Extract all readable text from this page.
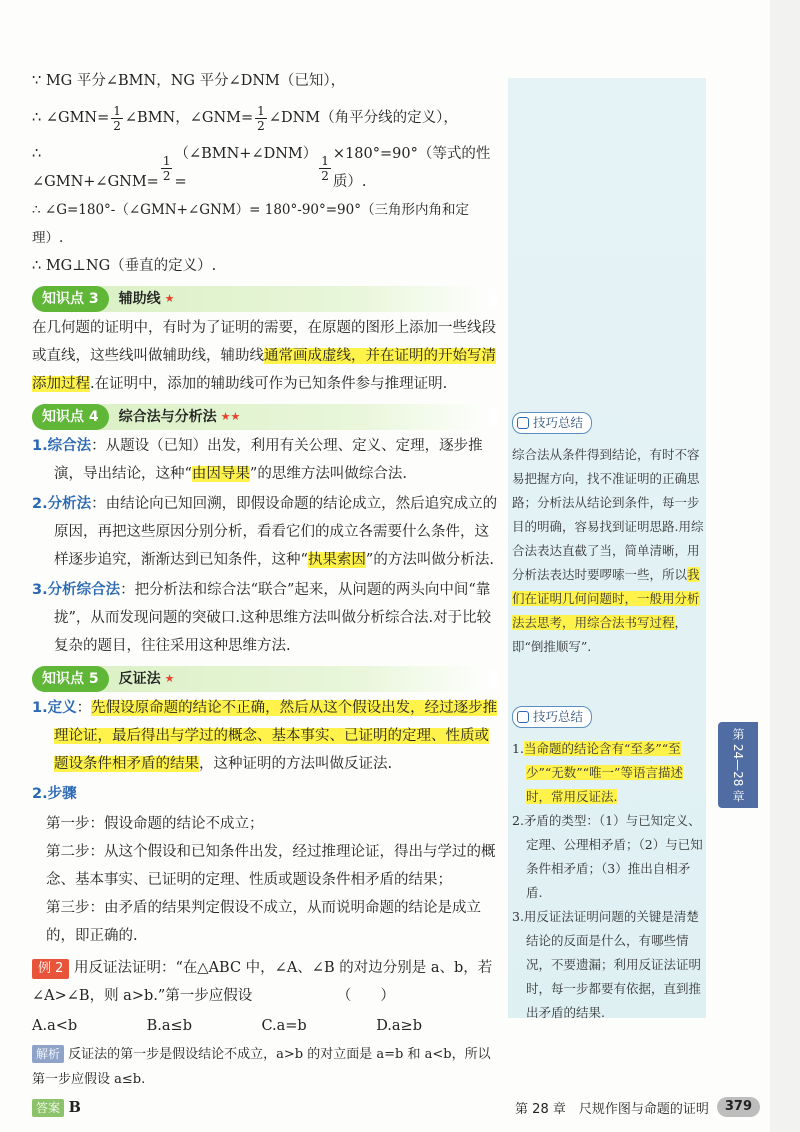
∵ MG 平分∠BMN，NG 平分∠DNM（已知），
∴ ∠GMN= $\frac{1}{2}$ ∠BMN，∠GNM= $\frac{1}{2}$ ∠DNM（角平分线的定义），
∴ ∠GMN+∠GNM= $\frac{1}{2}$ （∠BMN+∠DNM）=	$\frac{1}{2} \times 180^\circ=90^\circ$（等式的性质）.
∴ ∠G=180°-（∠GMN+∠GNM）= 180°-90°=90°（三角形内角和定理）.
∴ MG⊥NG（垂直的定义）.
知识点 3	辅助线 ★
在几何题的证明中，有时为了证明的需要，在原题的图形上添加一些线段或直线，这些线叫做辅助线，辅助线通常画成虚线，并在证明的开始写清添加过程.在证明中，添加的辅助线可作为已知条件参与推理证明.
知识点 4	综合法与分析法 ★★
1.综合法：从题设（已知）出发，利用有关公理、定义、定理，逐步推演，导出结论，这种“由因导果”的思维方法叫做综合法.
2.分析法：由结论向已知回溯，即假设命题的结论成立，然后追究成立的原因，再把这些原因分别分析，看看它们的成立各需要什么条件，这样逐步追究，渐渐达到已知条件，这种“执果索因”的方法叫做分析法.
3.分析综合法：把分析法和综合法“联合”起来，从问题的两头向中间“靠拢”，从而发现问题的突破口.这种思维方法叫做分析综合法.对于比较复杂的题目，往往采用这种思维方法.
知识点 5	反证法 ★
1.定义：先假设原命题的结论不正确，然后从这个假设出发，经过逐步推理论证，最后得出与学过的概念、基本事实、已证明的定理、性质或题设条件相矛盾的结果，这种证明的方法叫做反证法.
2.步骤
第一步：假设命题的结论不成立；
第二步：从这个假设和已知条件出发，经过推理论证，得出与学过的概念、基本事实、已证明的定理、性质或题设条件相矛盾的结果；
第三步：由矛盾的结果判定假设不成立，从而说明命题的结论是成立的，即正确的.
例 2 用反证法证明：“在△ABC 中，∠A、∠B 的对边分别是 a、b，若∠A>∠B，则 a>b.”第一步应假设	（　　）
A.a<b	B.a≤b	C.a=b	D.a≥b
解析 反证法的第一步是假设结论不成立，a>b 的对立面是 a=b 和 a<b，所以第一步应假设 a≤b.
答案 B
技巧总结
综合法从条件得到结论，有时不容易把握方向，找不准证明的正确思路；分析法从结论到条件，每一步目的明确，容易找到证明思路.用综合法表达直截了当，简单清晰，用分析法表达时要啰嗦一些，所以我们在证明几何问题时，一般用分析法去思考，用综合法书写过程，即“倒推顺写”.
技巧总结
1.当命题的结论含有“至多”“至少”“无数”“唯一”等语言描述时，常用反证法.
2.矛盾的类型：（1）与已知定义、定理、公理相矛盾；（2）与已知条件相矛盾；（3）推出自相矛盾.
3.用反证法证明问题的关键是清楚结论的反面是什么，有哪些情况，不要遗漏；利用反证法证明时，每一步都要有依据，直到推出矛盾的结果.
第 24—28 章
第 28 章　尺规作图与命题的证明	379
